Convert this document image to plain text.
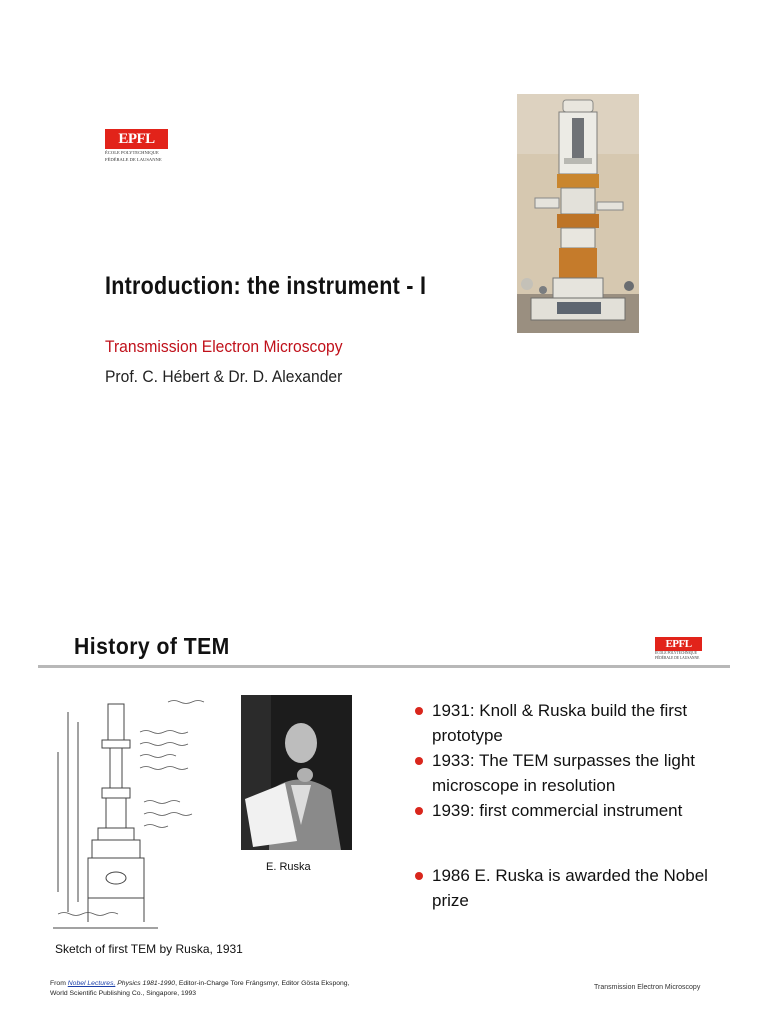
EPFL
ÉCOLE POLYTECHNIQUE
FÉDÉRALE DE LAUSANNE
Introduction: the instrument - I
Transmission Electron Microscopy
Prof. C. Hébert & Dr. D. Alexander
History of TEM	EPFL
ÉCOLE POLYTECHNIQUE
FÉDÉRALE DE LAUSANNE
Sketch of first TEM by Ruska, 1931
E. Ruska
1931: Knoll & Ruska build the first prototype
1933: The TEM surpasses the light microscope in resolution
1939: first commercial instrument
1986 E. Ruska is awarded the Nobel prize
From Nobel Lectures, Physics 1981-1990, Editor-in-Charge Tore Frängsmyr, Editor Gösta Ekspong, World Scientific Publishing Co., Singapore, 1993
Transmission Electron Microscopy
